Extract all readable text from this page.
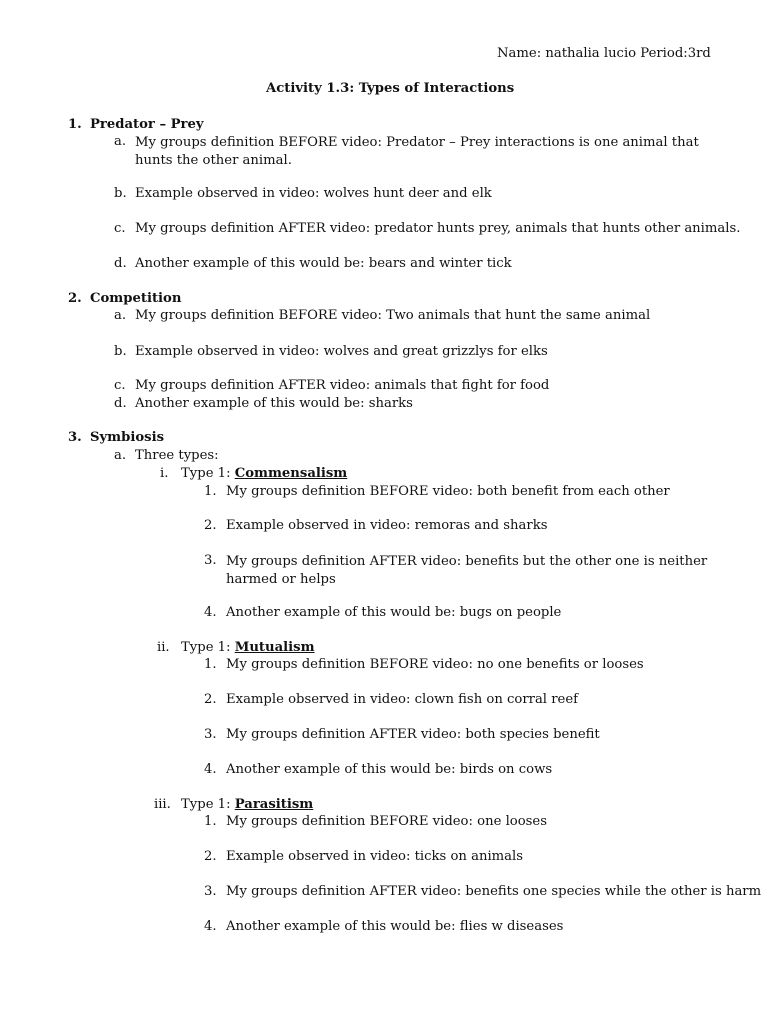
Name: nathalia lucio Period:3rd
Activity 1.3: Types of Interactions
1. Predator – Prey
a. My groups definition BEFORE video: Predator – Prey interactions is one animal that hunts the other animal.
b. Example observed in video: wolves hunt deer and elk
c. My groups definition AFTER video: predator hunts prey, animals that hunts other animals.
d. Another example of this would be: bears and winter tick
2. Competition
a. My groups definition BEFORE video: Two animals that hunt the same animal
b. Example observed in video: wolves and great grizzlys for elks
c. My groups definition AFTER video: animals that fight for food
d. Another example of this would be: sharks
3. Symbiosis
a. Three types:
i. Type 1: Commensalism
1. My groups definition BEFORE video: both benefit from each other
2. Example observed in video: remoras and sharks
3. My groups definition AFTER video: benefits but the other one is neither harmed or helps
4. Another example of this would be: bugs on people
ii. Type 1: Mutualism
1. My groups definition BEFORE video: no one benefits or looses
2. Example observed in video: clown fish on corral reef
3. My groups definition AFTER video: both species benefit
4. Another example of this would be: birds on cows
iii. Type 1: Parasitism
1. My groups definition BEFORE video: one looses
2. Example observed in video: ticks on animals
3. My groups definition AFTER video: benefits one species while the other is harm
4. Another example of this would be: flies w diseases
